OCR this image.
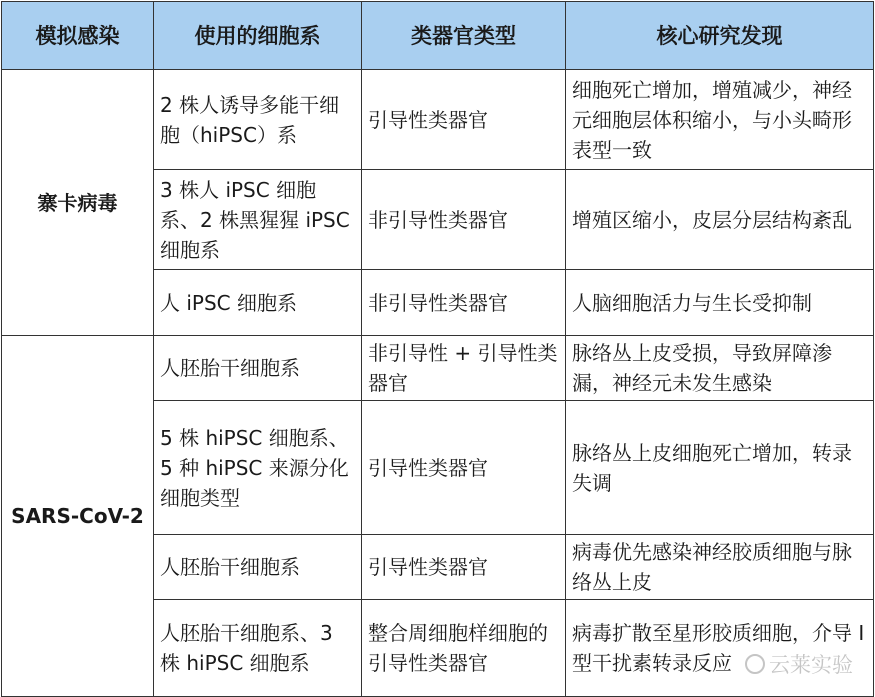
模拟感染	使用的细胞系	类器官类型	核心研究发现
寨卡病毒	2 株人诱导多能干细胞（hiPSC）系	引导性类器官	细胞死亡增加，增殖减少，神经元细胞层体积缩小，与小头畸形表型一致
	3 株人 iPSC 细胞系、2 株黑猩猩 iPSC 细胞系	非引导性类器官	增殖区缩小，皮层分层结构紊乱
	人 iPSC 细胞系	非引导性类器官	人脑细胞活力与生长受抑制
SARS-CoV-2	人胚胎干细胞系	非引导性 + 引导性类器官	脉络丛上皮受损，导致屏障渗漏，神经元未发生感染
	5 株 hiPSC 细胞系、5 种 hiPSC 来源分化细胞类型	引导性类器官	脉络丛上皮细胞死亡增加，转录失调
	人胚胎干细胞系	引导性类器官	病毒优先感染神经胶质细胞与脉络丛上皮
	人胚胎干细胞系、3 株 hiPSC 细胞系	整合周细胞样细胞的引导性类器官	病毒扩散至星形胶质细胞，介导 I 型干扰素转录反应 云莱实验
